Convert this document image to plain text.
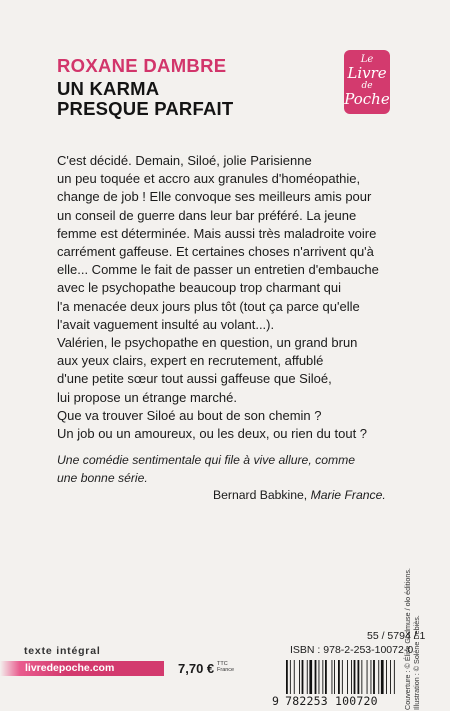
ROXANE DAMBRE
UN KARMA
PRESQUE PARFAIT
Le
Livre
de
Poche

C'est décidé. Demain, Siloé, jolie Parisienne
un peu toquée et accro aux granules d'homéopathie,
change de job ! Elle convoque ses meilleurs amis pour
un conseil de guerre dans leur bar préféré. La jeune
femme est déterminée. Mais aussi très maladroite voire
carrément gaffeuse. Et certaines choses n'arrivent qu'à
elle... Comme le fait de passer un entretien d'embauche
avec le psychopathe beaucoup trop charmant qui
l'a menacée deux jours plus tôt (tout ça parce qu'elle
l'avait vaguement insulté au volant...).
Valérien, le psychopathe en question, un grand brun
aux yeux clairs, expert en recrutement, affublé
d'une petite sœur tout aussi gaffeuse que Siloé,
lui propose un étrange marché.
Que va trouver Siloé au bout de son chemin ?
Un job ou un amoureux, ou les deux, ou rien du tout ?

Une comédie sentimentale qui file à vive allure, comme
une bonne série.

Bernard Babkine, Marie France.

Couverture : © Élise Godmuse / olo éditions. Illustration : © Solène Debiès.

55 / 5794 / 1

ISBN : 978-2-253-10072-0

texte intégral
livredepoche.com	7,70 € TTC
France
9 782253 100720
